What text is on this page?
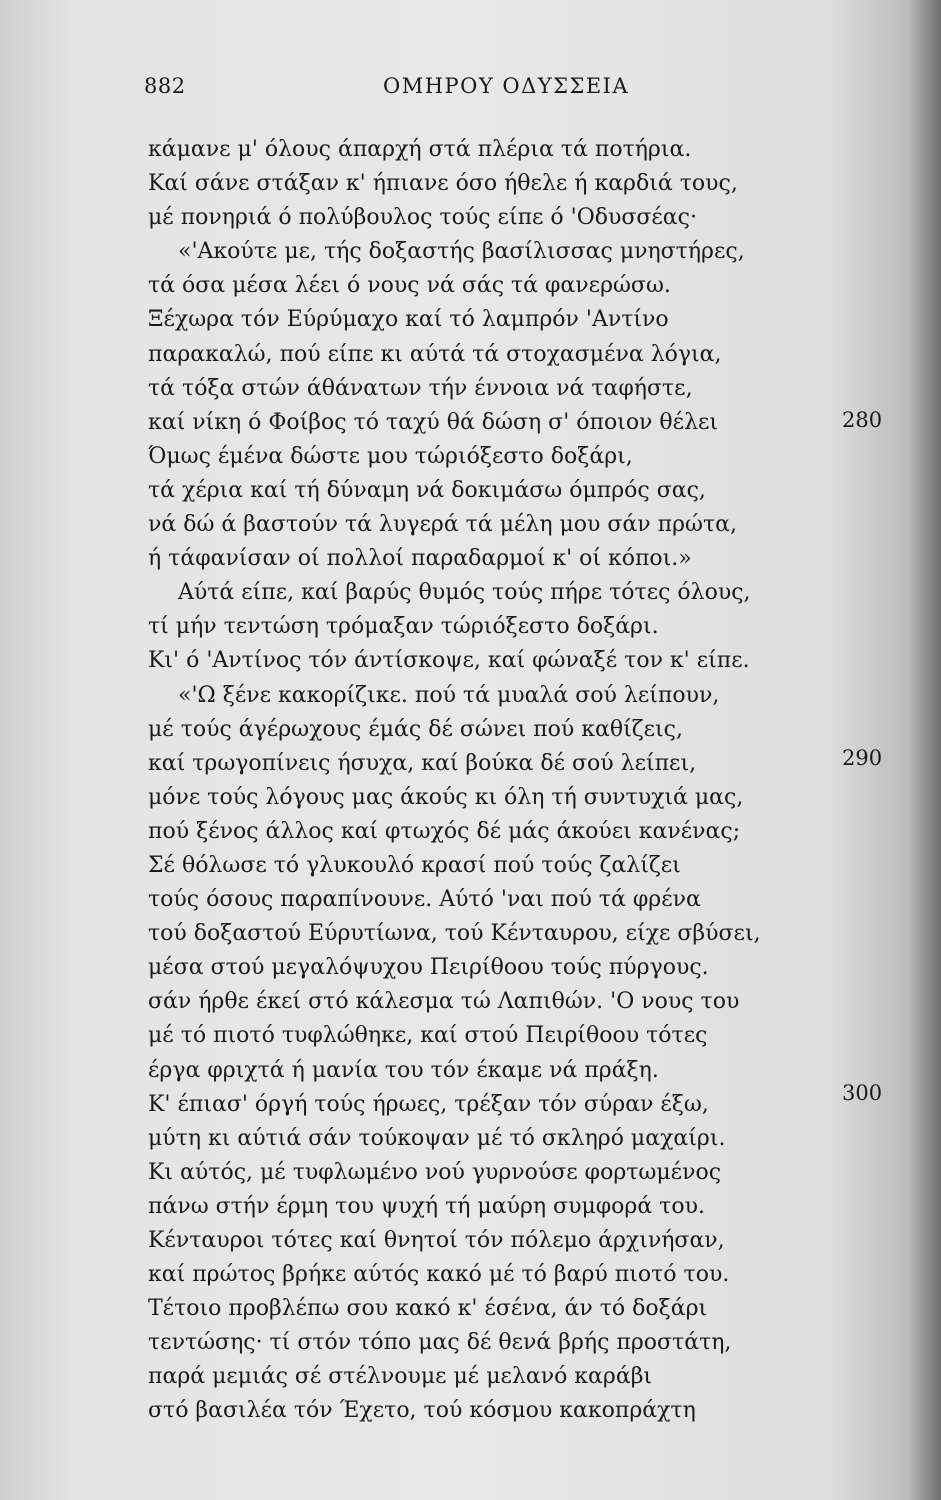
882	ΟΜΗΡΟΥ ΟΔΥΣΣΕΙΑ
κάμανε μ' όλους άπαρχή στά πλέρια τά ποτήρια.
Καί σάνε στάξαν κ' ήπιανε όσο ήθελε ή καρδιά τους,
μέ πονηριά ό πολύβουλος τούς είπε ό 'Οδυσσέας·
«'Ακούτε με, τής δοξαστής βασίλισσας μνηστήρες,
τά όσα μέσα λέει ό νους νά σάς τά φανερώσω.
Ξέχωρα τόν Εύρύμαχο καί τό λαμπρόν 'Αντίνο
παρακαλώ, πού είπε κι αύτά τά στοχασμένα λόγια,
τά τόξα στών άθάνατων τήν έννοια νά ταφήστε,
καί νίκη ό Φοίβος τό ταχύ θά δώση σ' όποιον θέλει
Όμως έμένα δώστε μου τώριόξεστο δοξάρι,
τά χέρια καί τή δύναμη νά δοκιμάσω όμπρός σας,
νά δώ ά βαστούν τά λυγερά τά μέλη μου σάν πρώτα,
ή τάφανίσαν οί πολλοί παραδαρμοί κ' οί κόποι.»
Αύτά είπε, καί βαρύς θυμός τούς πήρε τότες όλους,
τί μήν τεντώση τρόμαξαν τώριόξεστο δοξάρι.
Κι' ό 'Αντίνος τόν άντίσκοψε, καί φώναξέ τον κ' είπε.
«'Ω ξένε κακορίζικε. πού τά μυαλά σού λείπουν,
μέ τούς άγέρωχους έμάς δέ σώνει πού καθίζεις,
καί τρωγοπίνεις ήσυχα, καί βούκα δέ σού λείπει,
μόνε τούς λόγους μας άκούς κι όλη τή συντυχιά μας,
πού ξένος άλλος καί φτωχός δέ μάς άκούει κανένας;
Σέ θόλωσε τό γλυκουλό κρασί πού τούς ζαλίζει
τούς όσους παραπίνουνε. Αύτό 'ναι πού τά φρένα
τού δοξαστού Εύρυτίωνα, τού Κένταυρου, είχε σβύσει,
μέσα στού μεγαλόψυχου Πειρίθοου τούς πύργους.
σάν ήρθε έκεί στό κάλεσμα τώ Λαπιθών. 'Ο νους του
μέ τό πιοτό τυφλώθηκε, καί στού Πειρίθοου τότες
έργα φριχτά ή μανία του τόν έκαμε νά πράξη.
Κ' έπιασ' όργή τούς ήρωες, τρέξαν τόν σύραν έξω,
μύτη κι αύτιά σάν τούκοψαν μέ τό σκληρό μαχαίρι.
Κι αύτός, μέ τυφλωμένο νού γυρνούσε φορτωμένος
πάνω στήν έρμη του ψυχή τή μαύρη συμφορά του.
Κένταυροι τότες καί θνητοί τόν πόλεμο άρχινήσαν,
καί πρώτος βρήκε αύτός κακό μέ τό βαρύ πιοτό του.
Τέτοιο προβλέπω σου κακό κ' έσένα, άν τό δοξάρι
τεντώσης· τί στόν τόπο μας δέ θενά βρής προστάτη,
παρά μεμιάς σέ στέλνουμε μέ μελανό καράβι
στό βασιλέα τόν Έχετο, τού κόσμου κακοπράχτη
280
290
300
